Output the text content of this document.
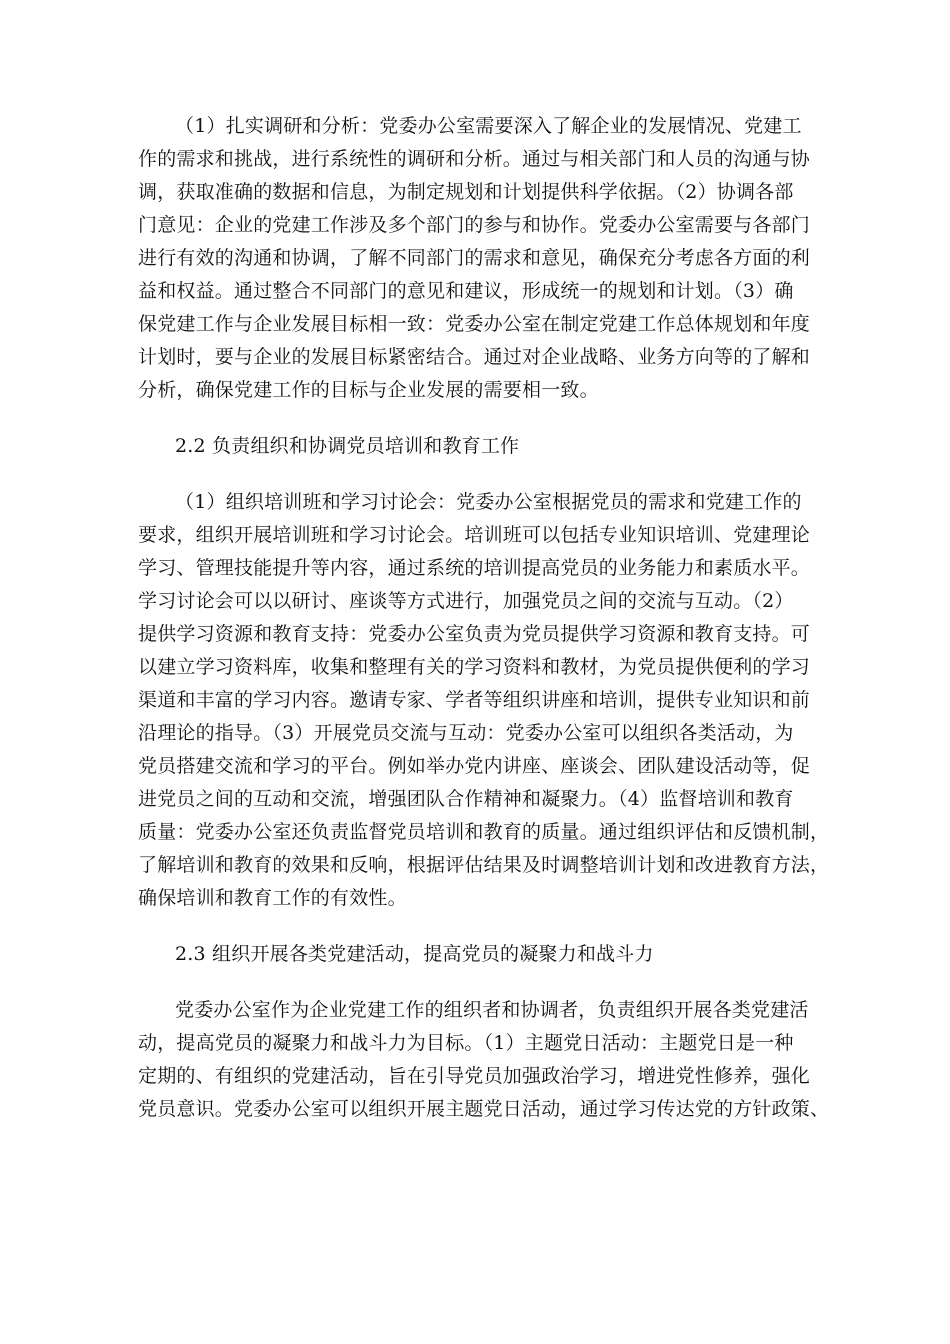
（1）扎实调研和分析：党委办公室需要深入了解企业的发展情况、党建工
作的需求和挑战，进行系统性的调研和分析。通过与相关部门和人员的沟通与协
调，获取准确的数据和信息，为制定规划和计划提供科学依据。（2）协调各部
门意见：企业的党建工作涉及多个部门的参与和协作。党委办公室需要与各部门
进行有效的沟通和协调，了解不同部门的需求和意见，确保充分考虑各方面的利
益和权益。通过整合不同部门的意见和建议，形成统一的规划和计划。（3）确
保党建工作与企业发展目标相一致：党委办公室在制定党建工作总体规划和年度
计划时，要与企业的发展目标紧密结合。通过对企业战略、业务方向等的了解和
分析，确保党建工作的目标与企业发展的需要相一致。
2.2 负责组织和协调党员培训和教育工作
（1）组织培训班和学习讨论会：党委办公室根据党员的需求和党建工作的
要求，组织开展培训班和学习讨论会。培训班可以包括专业知识培训、党建理论
学习、管理技能提升等内容，通过系统的培训提高党员的业务能力和素质水平。
学习讨论会可以以研讨、座谈等方式进行，加强党员之间的交流与互动。（2）
提供学习资源和教育支持：党委办公室负责为党员提供学习资源和教育支持。可
以建立学习资料库，收集和整理有关的学习资料和教材，为党员提供便利的学习
渠道和丰富的学习内容。邀请专家、学者等组织讲座和培训，提供专业知识和前
沿理论的指导。（3）开展党员交流与互动：党委办公室可以组织各类活动，为
党员搭建交流和学习的平台。例如举办党内讲座、座谈会、团队建设活动等，促
进党员之间的互动和交流，增强团队合作精神和凝聚力。（4）监督培训和教育
质量：党委办公室还负责监督党员培训和教育的质量。通过组织评估和反馈机制，
了解培训和教育的效果和反响，根据评估结果及时调整培训计划和改进教育方法，
确保培训和教育工作的有效性。
2.3 组织开展各类党建活动，提高党员的凝聚力和战斗力
党委办公室作为企业党建工作的组织者和协调者，负责组织开展各类党建活
动，提高党员的凝聚力和战斗力为目标。（1）主题党日活动：主题党日是一种
定期的、有组织的党建活动，旨在引导党员加强政治学习，增进党性修养，强化
党员意识。党委办公室可以组织开展主题党日活动，通过学习传达党的方针政策、
